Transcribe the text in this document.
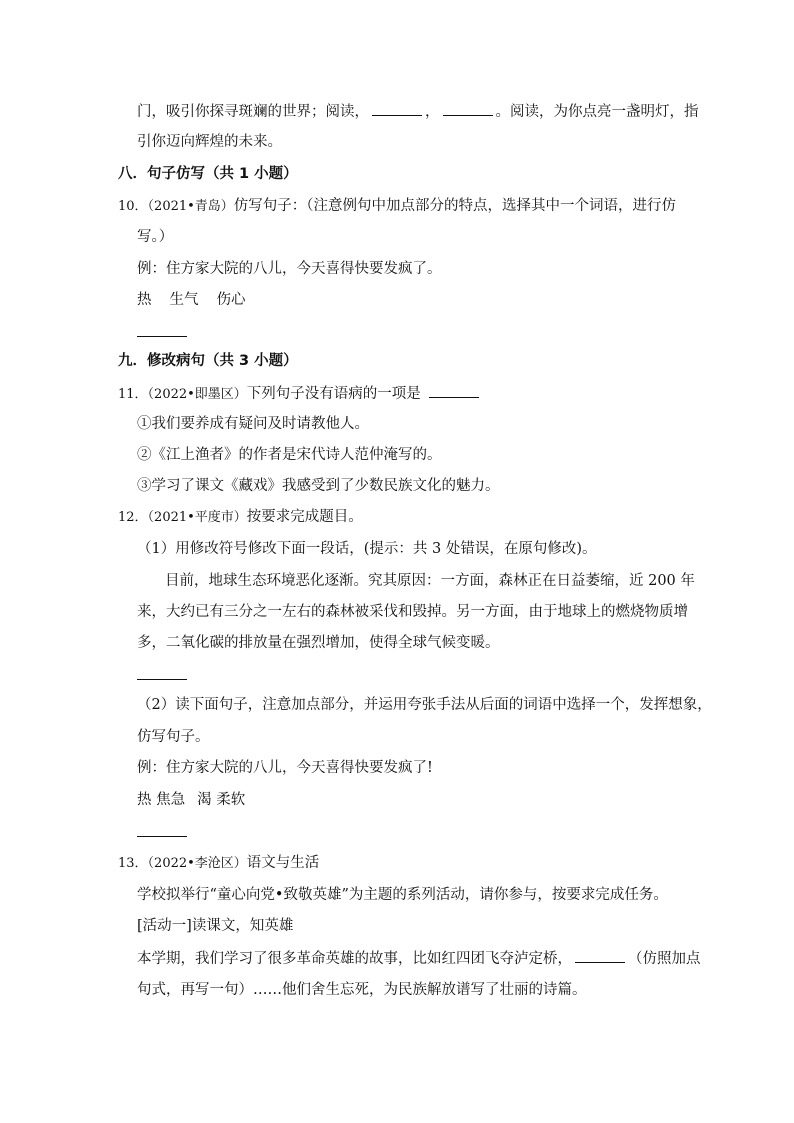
门，吸引你探寻斑斓的世界；阅读，	，	。阅读，为你点亮一盏明灯，指
引你迈向辉煌的未来。
八．句子仿写（共 1 小题）
10．（2021•青岛）仿写句子：（注意例句中加点部分的特点，选择其中一个词语，进行仿
写。）
例：住方家大院的八儿，今天喜得快要发疯了。
热 生气 伤心
九．修改病句（共 3 小题）
11．（2022•即墨区）下列句子没有语病的一项是
①我们要养成有疑问及时请教他人。
②《江上渔者》的作者是宋代诗人范仲淹写的。
③学习了课文《藏戏》我感受到了少数民族文化的魅力。
12．（2021•平度市）按要求完成题目。
（1）用修改符号修改下面一段话，(提示：共 3 处错误，在原句修改)。
目前，地球生态环境恶化逐渐。究其原因：一方面，森林正在日益萎缩，近 200 年
来，大约已有三分之一左右的森林被采伐和毁掉。另一方面，由于地球上的燃烧物质增
多，二氧化碳的排放量在强烈增加，使得全球气候变暖。
（2）读下面句子，注意加点部分，并运用夸张手法从后面的词语中选择一个，发挥想象，
仿写句子。
例：住方家大院的八儿，今天喜得快要发疯了!
热 焦急 渴 柔软
13．（2022•李沧区）语文与生活
学校拟举行“童心向党•致敬英雄”为主题的系列活动，请你参与，按要求完成任务。
[活动一]读课文，知英雄
本学期，我们学习了很多革命英雄的故事，比如红四团飞夺泸定桥，	（仿照加点
句式，再写一句）……他们舍生忘死，为民族解放谱写了壮丽的诗篇。
